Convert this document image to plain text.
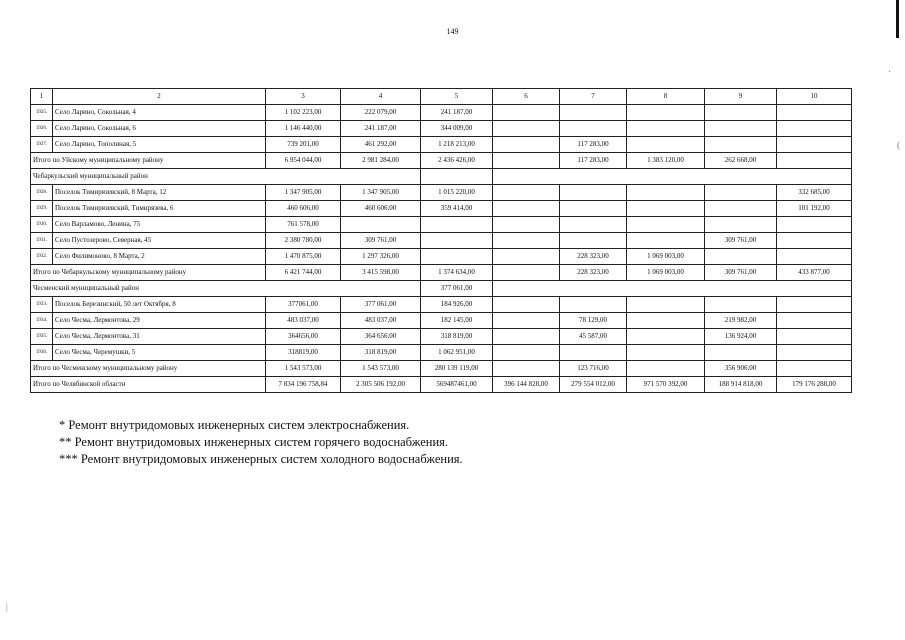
149
1	2	3	4	5	6	7	8	9	10
1925.	Село Ларино, Сокольная, 4	1 102 223,00	222 079,00	241 187,00					
1926.	Село Ларино, Сокольная, 6	1 146 440,00	241 187,00	344 009,00					
1927.	Село Ларино, Тополиная, 5	739 201,00	461 292,00	1 218 213,00		117 283,00			
Итого по Уйскому муниципальному району		6 954 044,00	2 981 284,00	2 436 426,00		117 283,00	1 383 120,00	262 668,00	
Чебаркульский муниципальный район									
1928.	Поселок Тимирязевский, 8 Марта, 12	1 347 905,00	1 347 905,00	1 015 220,00					332 685,00
1929.	Поселок Тимирязевский, Тимирязева, 6	460 606,00	460 606,00	359 414,00					101 192,00
1930.	Село Варламово, Ленина, 75	761 578,00							
1931.	Село Пустозерово, Северная, 45	2 380 780,00	309 761,00					309 761,00	
1932.	Село Филимоново, 8 Марта, 2	1 470 875,00	1 297 326,00			228 323,00	1 069 003,00		
Итого по Чебаркульскому муниципальному району		6 421 744,00	3 415 598,00	1 374 634,00		228 323,00	1 069 003,00	309 761,00	433 877,00
Чесменский муниципальный район				377 061,00					
1933.	Поселок Березинский, 50 лет Октября, 8	377061,00	377 061,00	184 926,00					
1934.	Село Чесма, Лермонтова, 29	483 037,00	483 037,00	182 145,00		78 129,00		219 982,00	
1935.	Село Чесма, Лермонтова, 31	364656,00	364 656,00	318 819,00		45 587,00		136 924,00	
1936.	Село Чесма, Черемушки, 5	318819,00	318 819,00	1 062 951,00					
Итого по Чесменскому муниципальному району		1 543 573,00	1 543 573,00	280 139 119,00		123 716,00		356 906,00	
Итого по Челябинской области		7 834 196 758,84	2 305 506 192,00	569487461,00	396 144 828,00	279 554 012,00	971 570 392,00	188 914 818,00	179 176 288,00
* Ремонт внутридомовых инженерных систем электроснабжения.
** Ремонт внутридомовых инженерных систем горячего водоснабжения.
*** Ремонт внутридомовых инженерных систем холодного водоснабжения.
⸼
(
|
